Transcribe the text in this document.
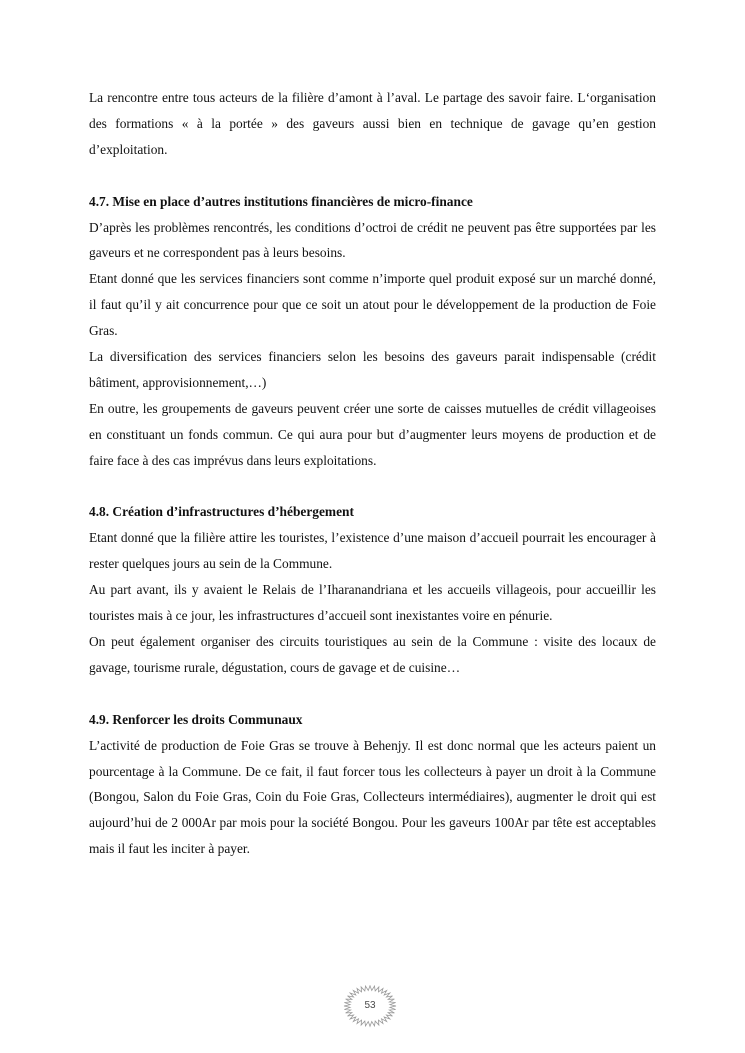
La rencontre entre tous acteurs de la filière d’amont à l’aval. Le partage des savoir faire. L‘organisation des formations « à la portée » des gaveurs aussi bien en technique de gavage qu’en gestion d’exploitation.

4.7. Mise en place d’autres institutions financières de micro-finance

D’après les problèmes rencontrés, les conditions d’octroi de crédit ne peuvent pas être supportées par les gaveurs et ne correspondent pas à leurs besoins.

Etant donné que les services financiers sont comme n’importe quel produit exposé sur un marché donné, il faut qu’il y ait concurrence pour que ce soit un atout pour le développement de la production de Foie Gras.

La diversification des services financiers selon les besoins des gaveurs parait indispensable (crédit bâtiment, approvisionnement,…)

En outre, les groupements de gaveurs peuvent créer une sorte de caisses mutuelles de crédit villageoises en constituant un fonds commun. Ce qui aura pour but d’augmenter leurs moyens de production et de faire face à des cas imprévus dans leurs exploitations.

4.8. Création d’infrastructures d’hébergement

Etant donné que la filière attire les touristes, l’existence d’une maison d’accueil pourrait les encourager à rester quelques jours au sein de la Commune.

Au part avant, ils y avaient le Relais de l’Iharanandriana et les accueils villageois, pour accueillir les touristes mais à ce jour, les infrastructures d’accueil sont inexistantes voire en pénurie.

On peut également organiser des circuits touristiques au sein de la Commune : visite des locaux de gavage, tourisme rurale, dégustation, cours de gavage et de cuisine…

4.9. Renforcer les droits Communaux

L’activité de production de Foie Gras se trouve à Behenjy. Il est donc normal que les acteurs paient un pourcentage à la Commune. De ce fait, il faut forcer tous les collecteurs à payer un droit à la Commune (Bongou, Salon du Foie Gras, Coin du Foie Gras, Collecteurs intermédiaires), augmenter le droit qui est aujourd’hui de 2 000Ar par mois pour la société Bongou. Pour les gaveurs 100Ar par tête est acceptables mais il faut les inciter à payer.

53
